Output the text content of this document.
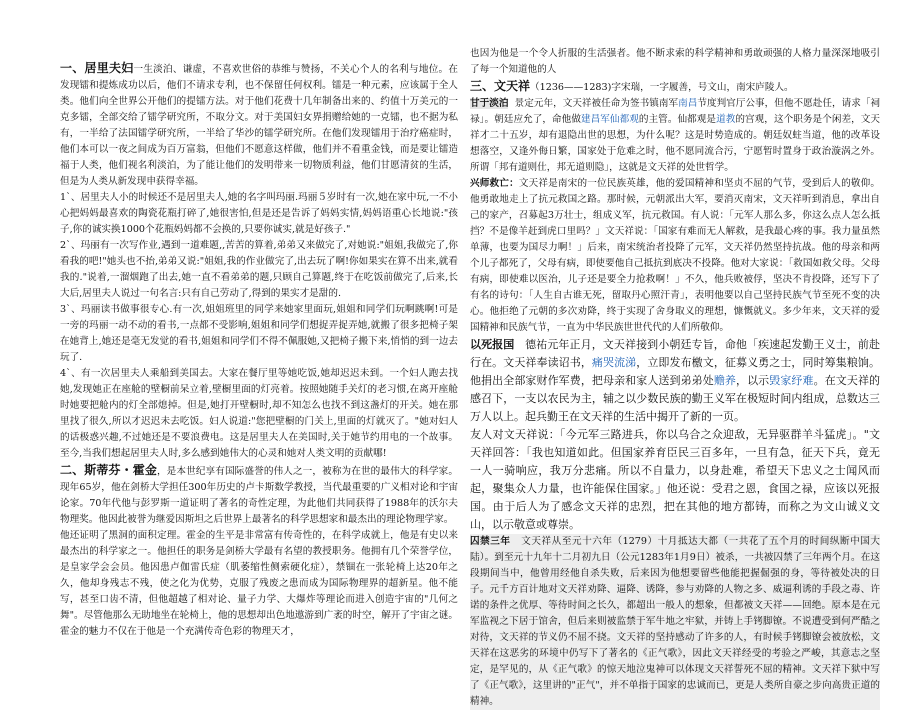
一、居里夫妇一生淡泊、谦虚，不喜欢世俗的恭维与赞扬，不关心个人的名利与地位。在发现镭和提炼成功以后，他们不请求专利，也不保留任何权利。镭是一种元素，应该属于全人类。他们向全世界公开他们的提镭方法。对于他们花费十几年制备出来的、约值十万美元的一克多镭，全部交给了镭学研究所，不取分文。对于美国妇女界捐赠给她的一克镭，也不据为私有，一半给了法国镭学研究所，一半给了华沙的镭学研究所。在他们发现镭用于治疗癌症时，他们本可以一夜之间成为百万富翁，但他们不愿意这样做，他们并不看重金钱，而是要让镭造福于人类，他们视名利淡泊，为了能让他们的发明带来一切物质利益，他们甘愿清贫的生活，但是为人类从新发现申获得幸福。

1`、居里夫人小的时候还不是居里夫人,她的名字叫玛丽.玛丽５岁时有一次,她在家中玩,一不小心把妈妈最喜欢的陶瓷花瓶打碎了,她很害怕,但是还是告诉了妈妈实情,妈妈语重心长地说:"孩子,你的诚实换1000个花瓶妈妈都不会换的,只要你诚实,就是好孩子."

2`、玛丽有一次写作业,遇到一道难题,,苦苦的算着,弟弟又来做完了,对她说:"姐姐,我做完了,你看我的吧!"她头也不抬,弟弟又说:"姐姐,我的作业做完了,出去玩了啊!你如果实在算不出来,就看我的."说着,一溜烟跑了出去,她一直不看弟弟的题,只顾自己算题,终于在吃饭前做完了,后来,长大后,居里夫人说过一句名言:只有自己劳动了,得到的果实才是甜的.

3`、玛丽读书做事很专心.有一次,姐姐班里的同学来她家里面玩,姐姐和同学们玩啊跳啊!可是一旁的玛丽一动不动的看书,一点都不受影响,姐姐和同学们想捉弄捉弄她,就搬了很多把椅子架在她背上,她还是毫无发觉的看书,姐姐和同学们不得不佩服她,又把椅子搬下来,悄悄的到一边去玩了.

4`、有一次居里夫人乘船到美国去。大家在餐厅里等她吃饭,她却迟迟未到。一个妇人跑去找她,发现她正在座舱的壁橱前呆立着,壁橱里面的灯亮着。按照她随手关灯的老习惯,在离开座舱时她要把舱内的灯全部熄掉。但是,她打开壁橱时,却不知怎么也找不到这盏灯的开关。她在那里找了很久,所以才迟迟未去吃饭。妇人说道:"您把壁橱的门关上,里面的灯就灭了。"她对妇人的话极惑兴趣,不过她还是不要浪费电。这是居里夫人在美国时,关于她节约用电的一个故事。至今,当我们想起居里夫人时,多么感到她伟大的心灵和她对人类文明的贡献哪!

二、斯蒂芬・霍金，是本世纪享有国际盛誉的伟人之一，被称为在世的最伟大的科学家。现年65岁，他在剑桥大学担任300年历史的卢卡斯数学教授，当代最重要的广义相对论和宇宙论家。70年代他与彭罗斯一道证明了著名的奇性定理，为此他们共同获得了1988年的沃尔夫物理奖。他因此被誉为继爱因斯坦之后世界上最著名的科学思想家和最杰出的理论物理学家。

他还证明了黑洞的面积定理。霍金的生平是非常富有传奇性的，在科学成就上，他是有史以来最杰出的科学家之一。他担任的职务是剑桥大学最有名望的教授职务。他拥有几个荣誉学位，是皇家学会会员。他因患卢伽雷氏症（肌萎缩性侧索硬化症），禁锢在一张轮椅上达20年之久，他却身残志不残，使之化为优势，克服了残废之患而成为国际物理界的超新星。他不能写，甚至口齿不清，但他超越了相对论、量子力学、大爆炸等理论而进入创造宇宙的"几何之舞"。尽管他那么无助地坐在轮椅上，他的思想却出色地遨游到广袤的时空，解开了宇宙之谜。霍金的魅力不仅在于他是一个充满传奇色彩的物理天才，

也因为他是一个令人折服的生活强者。他不断求索的科学精神和勇敢顽强的人格力量深深地吸引了每一个知道他的人

三、文天祥（1236——1283)字宋瑞，一字履善，号文山，南宋庐陵人。

甘于淡泊 景定元年，文天祥被任命为签书镇南军南昌节度判官厅公事，但他不愿赴任，请求「祠禄」。朝廷应允了，命他做建昌军仙都观的主管。仙都观是道教的宫观，这个职务是个闲差，文天祥才二十五岁，却有退隐出世的思想，为什么呢？这是时势造成的。朝廷奴蛀当道，他的改革设想落空，又逢外侮日繁，国家处于危难之时，他不愿同流合污，宁愿暂时置身于政治漩涡之外。所谓「邦有道则仕，邦无道则隐」，这就是文天祥的处世哲学。

兴师救亡：文天祥是南宋的一位民族英雄，他的爱国精神和坚贞不屈的气节，受到后人的敬仰。他勇敢地走上了抗元救国之路。那时候，元朝派出大军，要消灭南宋，文天祥听到消息，拿出自己的家产，召募起3万壮士，组成义军，抗元救国。有人说：「元军人那么多，你这么点人怎么抵挡？不是像羊赶到虎口里吗？」文天祥说：「国家有难而无人解救，是我最心疼的事。我力量虽然单薄，也要为国尽力啊！」后来，南宋统治者投降了元军，文天祥仍然坚持抗战。他的母亲和两个儿子都死了，父母有病，即使要他自己抵抗到底决不投降。他对大家说：「救国如救父母。父母有病，即使难以医治，儿子还是要全力抢救啊！」不久，他兵败被俘，坚决不肯投降，还写下了有名的诗句：「人生自古谁无死，留取丹心照汗青」，表明他要以自己坚持民族气节至死不变的决心。他拒绝了元朝的多次劝降，终于实现了舍身取义的理想，慷慨就义。多少年来，文天祥的爱国精神和民族气节，一直为中华民族世世代代的人们所敬仰。

以死报国 德祐元年正月，文天祥接到小朝廷专旨，命他「疾速起发勤王义士，前赴行在。文天祥奉读诏书，痛哭流涕，立即发布檄文，征募义勇之士，同时筹集粮饷。他捐出全部家财作军费，把母亲和家人送到弟弟处赡养，以示毁家纾难。在文天祥的感召下，一支以农民为主，辅之以少数民族的勤王义军在极短时间内组成，总数达三万人以上。起兵勤王在文天祥的生活中揭开了新的一页。

友人对文天祥说：「今元军三路进兵，你以乌合之众迎敌，无异驱群羊斗猛虎」。"文天祥回答：「我也知道如此。但国家养育臣民三百多年，一旦有急，征天下兵，竟无一人一骑响应，我万分悲痛。所以不自量力，以身赴难，希望天下忠义之士闻风而起，聚集众人力量，也许能保住国家。」他还说：受君之恩，食国之禄，应该以死报国。由于后人为了感念文天祥的忠烈，把在其他的地方都铸，而称之为文山诚义文山，以示敬意或尊崇。

囚禁三年 文天祥从至元十六年（1279）十月抵达大都（一共花了五个月的时间纵断中国大陆）。到至元十九年十二月初九日（公元1283年1月9日）被杀，一共被囚禁了三年两个月。在这段期间当中，他曾用经他自杀失败，后来因为他想要留些他能把握倔强的身，等待被处决的日子。元千方百计地对文天祥劝降、逼降、诱降，参与劝降的人物之多、威逼利诱的手段之毒、许诺的条件之优厚、等待时间之长久，都超出一般人的想象，但都被文天祥——回绝。原本是在元军监视之下居于馆舍，但后来则被监禁于军牛地之牢狱，并铸上手铐脚镣。不说遭受到何严酷之对待，文天祥的节义仍不屈不挠。文天祥的坚持感动了许多的人，有时候手铐脚镣会被放松，文天祥在这恶劣的环境中仍写下了著名的《正气歌》，因此文天祥经受的考验之严峻，其意志之坚定，是罕见的，从《正气歌》的惊天地泣鬼神可以体现文天祥誓死不屈的精神。文天祥下狱中写了《正气歌》，这里讲的"正气"，并不单指于国家的忠诚而已，更是人类所自豪之步向高贵正道的精神。
